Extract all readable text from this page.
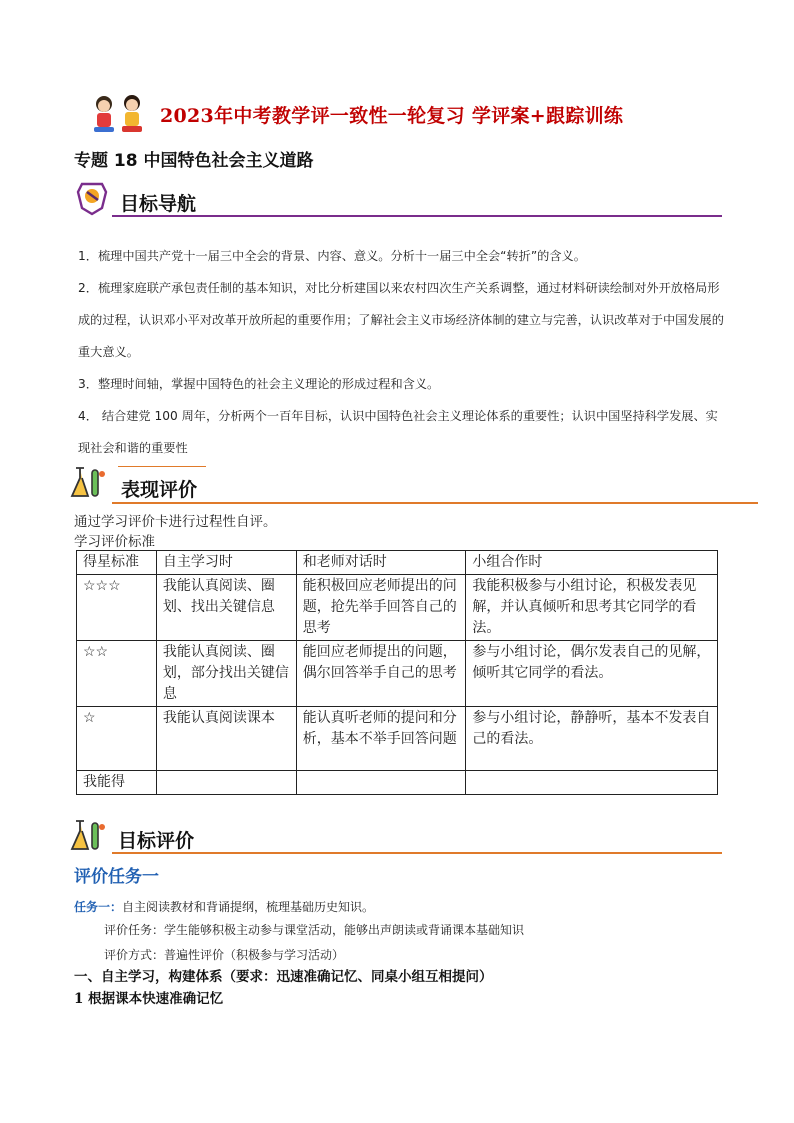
2023年中考教学评一致性一轮复习 学评案+跟踪训练
专题 18 中国特色社会主义道路
目标导航
1．梳理中国共产党十一届三中全会的背景、内容、意义。分析十一届三中全会“转折”的含义。
2．梳理家庭联产承包责任制的基本知识，对比分析建国以来农村四次生产关系调整，通过材料研读绘制对外开放格局形成的过程，认识邓小平对改革开放所起的重要作用；了解社会主义市场经济体制的建立与完善，认识改革对于中国发展的重大意义。
3．整理时间轴，掌握中国特色的社会主义理论的形成过程和含义。
4． 结合建党 100 周年，分析两个一百年目标，认识中国特色社会主义理论体系的重要性；认识中国坚持科学发展、实现社会和谐的重要性
表现评价
通过学习评价卡进行过程性自评。
学习评价标准
得星标准	自主学习时	和老师对话时	小组合作时
☆☆☆	我能认真阅读、圈划、找出关键信息	能积极回应老师提出的问题，抢先举手回答自己的思考	我能积极参与小组讨论，积极发表见解，并认真倾听和思考其它同学的看法。
☆☆	我能认真阅读、圈划，部分找出关键信息	能回应老师提出的问题，偶尔回答举手自己的思考	参与小组讨论，偶尔发表自己的见解，倾听其它同学的看法。
☆	我能认真阅读课本	能认真听老师的提问和分析，基本不举手回答问题	参与小组讨论，静静听，基本不发表自己的看法。
我能得			
目标评价
评价任务一
任务一：自主阅读教材和背诵提纲，梳理基础历史知识。
评价任务：学生能够积极主动参与课堂活动，能够出声朗读或背诵课本基础知识
评价方式：普遍性评价（积极参与学习活动）
一、自主学习，构建体系（要求：迅速准确记忆、同桌小组互相提问）
1 根据课本快速准确记忆
